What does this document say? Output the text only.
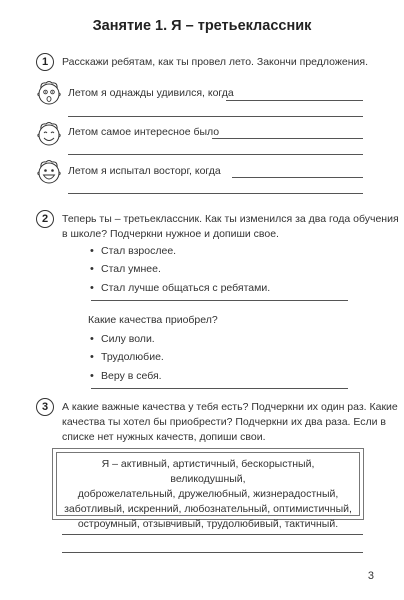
Занятие 1. Я – третьеклассник
1	Расскажи ребятам, как ты провел лето. Закончи предложения.
Летом я однажды удивился, когда
Летом самое интересное было
Летом я испытал восторг, когда
2	Теперь ты – третьеклассник. Как ты изменился за два года обучения
в школе? Подчеркни нужное и допиши свое.
• Стал взрослее.
• Стал умнее.
• Стал лучше общаться с ребятами.
Какие качества приобрел?
• Силу воли.
• Трудолюбие.
• Веру в себя.
3	А какие важные качества у тебя есть? Подчеркни их один раз. Какие
качества ты хотел бы приобрести? Подчеркни их два раза. Если в
списке нет нужных качеств, допиши свои.
Я – активный, артистичный, бескорыстный, великодушный,
доброжелательный, дружелюбный, жизнерадостный,
заботливый, искренний, любознательный, оптимистичный,
остроумный, отзывчивый, трудолюбивый, тактичный.
3
